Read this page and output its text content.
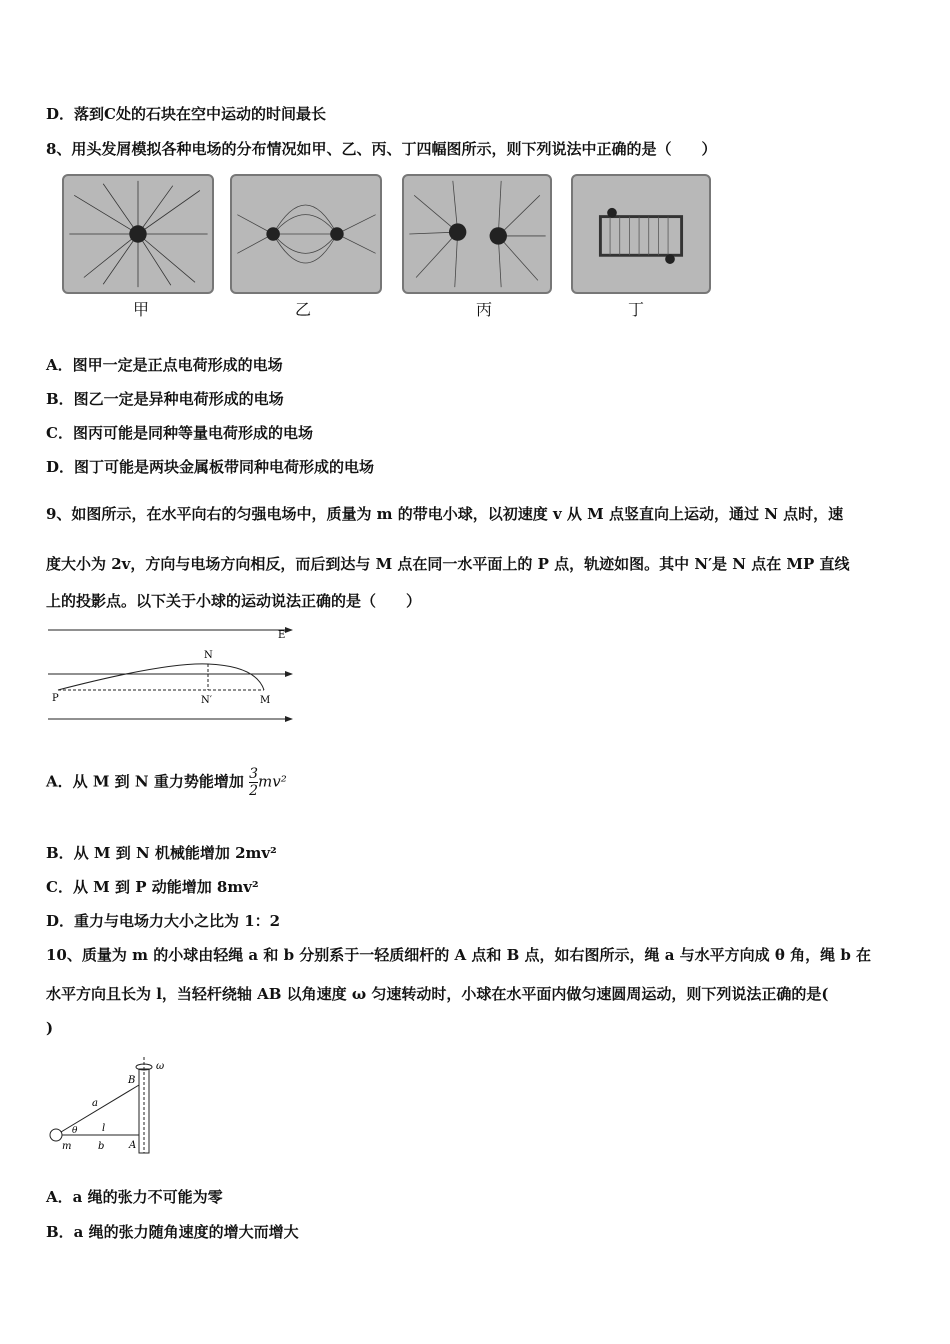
D．落到C处的石块在空中运动的时间最长
8、用头发屑模拟各种电场的分布情况如甲、乙、丙、丁四幅图所示，则下列说法中正确的是（　　）
甲	乙	丙	丁
A．图甲一定是正点电荷形成的电场
B．图乙一定是异种电荷形成的电场
C．图丙可能是同种等量电荷形成的电场
D．图丁可能是两块金属板带同种电荷形成的电场
9、如图所示，在水平向右的匀强电场中，质量为 m 的带电小球，以初速度 v 从 M 点竖直向上运动，通过 N 点时，速
度大小为 2v，方向与电场方向相反，而后到达与 M 点在同一水平面上的 P 点，轨迹如图。其中 N′是 N 点在 MP 直线
上的投影点。以下关于小球的运动说法正确的是（　　）
E
N
P	N′	M
A．从 M 到 N 重力势能增加 $\frac{3}{2} mv^2$
B．从 M 到 N 机械能增加 2mv²
C．从 M 到 P 动能增加 8mv²
D．重力与电场力大小之比为 1：2
10、质量为 m 的小球由轻绳 a 和 b 分别系于一轻质细杆的 A 点和 B 点，如右图所示，绳 a 与水平方向成 θ 角，绳 b 在
水平方向且长为 l，当轻杆绕轴 AB 以角速度 ω 匀速转动时，小球在水平面内做匀速圆周运动，则下列说法正确的是(
)
ω
B
a
θ l
m	b A
A．a 绳的张力不可能为零
B．a 绳的张力随角速度的增大而增大
